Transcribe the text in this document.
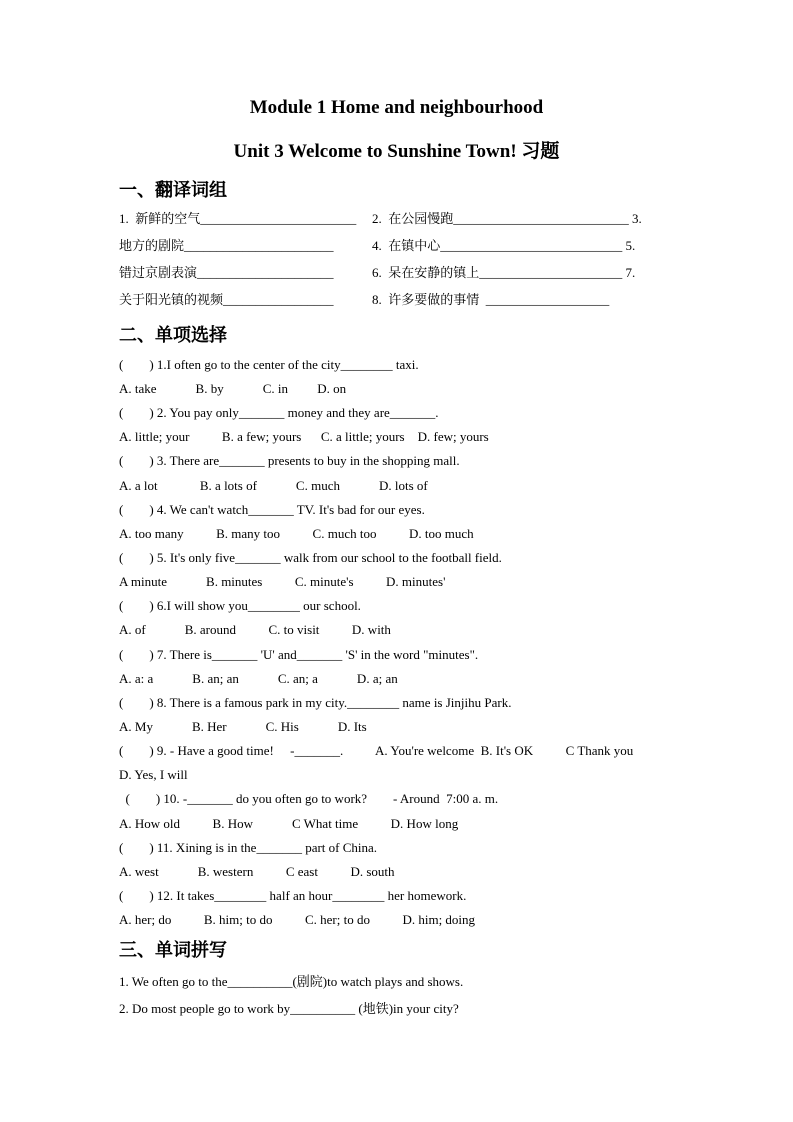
Module 1 Home and neighbourhood
Unit 3 Welcome to Sunshine Town! 习题
一、翻译词组
1.  新鲜的空气________________________ 2.  在公园慢跑___________________________ 3.
地方的剧院_______________________	4.  在镇中心____________________________ 5.
错过京剧表演_____________________	6.  呆在安静的镇上______________________ 7.
关于阳光镇的视频_________________	8.  许多要做的事情  ___________________
二、单项选择
(        ) 1.I often go to the center of the city________ taxi.
A. take            B. by            C. in         D. on
(        ) 2. You pay only_______ money and they are_______.
A. little; your          B. a few; yours      C. a little; yours    D. few; yours
(        ) 3. There are_______ presents to buy in the shopping mall.
A. a lot             B. a lots of            C. much            D. lots of
(        ) 4. We can't watch_______ TV. It's bad for our eyes.
A. too many          B. many too          C. much too          D. too much
(        ) 5. It's only five_______ walk from our school to the football field.
A minute            B. minutes          C. minute's          D. minutes'
(        ) 6.I will show you________ our school.
A. of            B. around          C. to visit          D. with
(        ) 7. There is_______ 'U' and_______ 'S' in the word "minutes".
A. a: a            B. an; an            C. an; a            D. a; an
(        ) 8. There is a famous park in my city.________ name is Jinjihu Park.
A. My            B. Her            C. His            D. Its
(        ) 9. - Have a good time!     -_______.          A. You're welcome  B. It's OK          C Thank you
D. Yes, I will
(        ) 10. -_______ do you often go to work?        - Around  7:00 a. m.
A. How old          B. How            C What time          D. How long
(        ) 11. Xining is in the_______ part of China.
A. west            B. western          C east          D. south
(        ) 12. It takes________ half an hour________ her homework.
A. her; do          B. him; to do          C. her; to do          D. him; doing
三、单词拼写
1. We often go to the__________(剧院)to watch plays and shows.
2. Do most people go to work by__________ (地铁)in your city?
